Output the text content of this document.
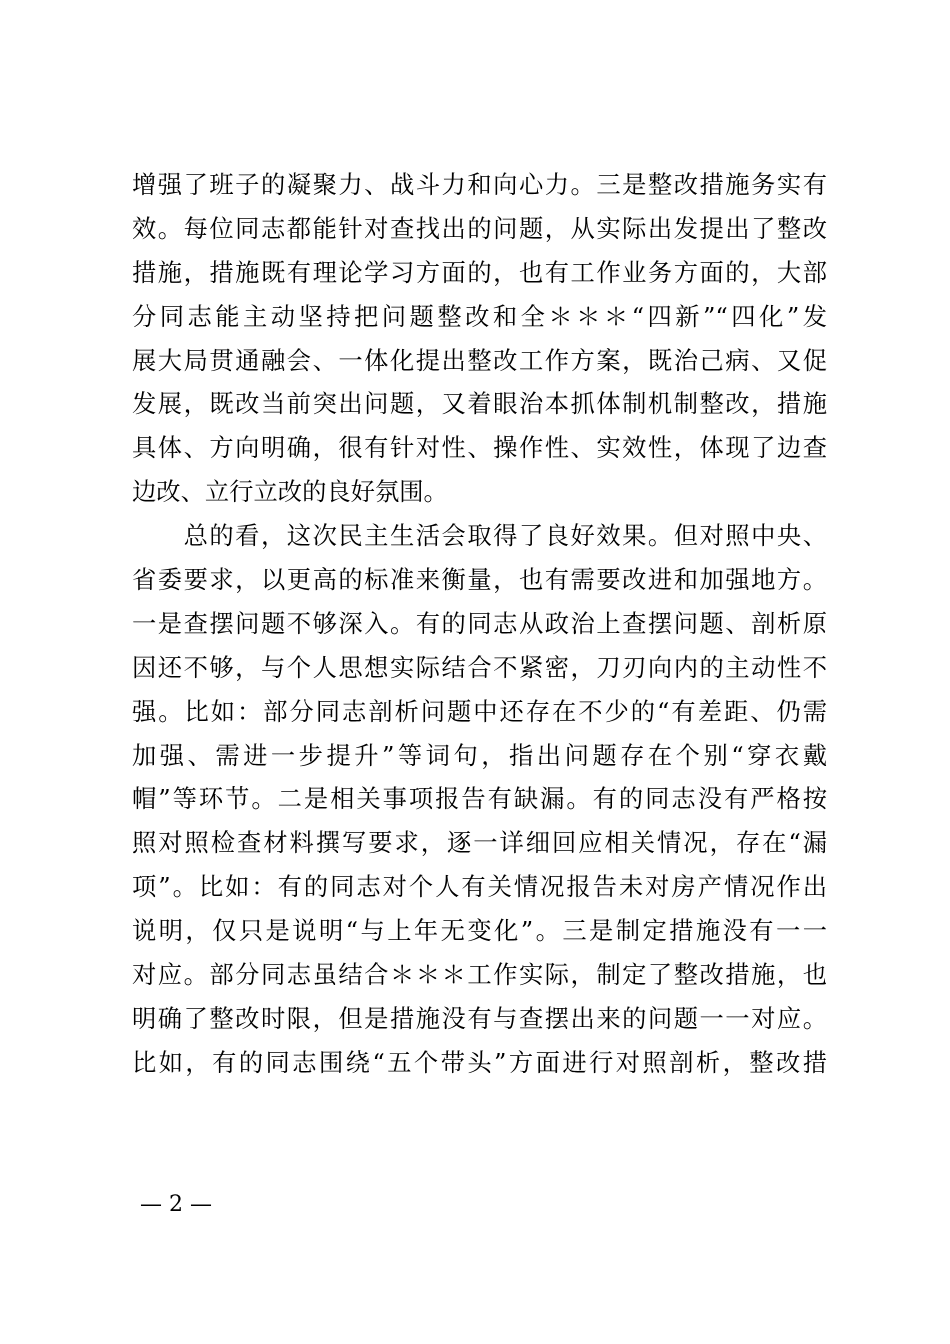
增强了班子的凝聚力、战斗力和向心力。三是整改措施务实有
效。每位同志都能针对查找出的问题，从实际出发提出了整改
措施，措施既有理论学习方面的，也有工作业务方面的，大部
分同志能主动坚持把问题整改和全＊＊＊“四新”“四化”发
展大局贯通融会、一体化提出整改工作方案，既治己病、又促
发展，既改当前突出问题，又着眼治本抓体制机制整改，措施
具体、方向明确，很有针对性、操作性、实效性，体现了边查
边改、立行立改的良好氛围。
　　总的看，这次民主生活会取得了良好效果。但对照中央、
省委要求，以更高的标准来衡量，也有需要改进和加强地方。
一是查摆问题不够深入。有的同志从政治上查摆问题、剖析原
因还不够，与个人思想实际结合不紧密，刀刃向内的主动性不
强。比如：部分同志剖析问题中还存在不少的“有差距、仍需
加强、需进一步提升”等词句，指出问题存在个别“穿衣戴
帽”等环节。二是相关事项报告有缺漏。有的同志没有严格按
照对照检查材料撰写要求，逐一详细回应相关情况，存在“漏
项”。比如：有的同志对个人有关情况报告未对房产情况作出
说明，仅只是说明“与上年无变化”。三是制定措施没有一一
对应。部分同志虽结合＊＊＊工作实际，制定了整改措施，也
明确了整改时限，但是措施没有与查摆出来的问题一一对应。
比如，有的同志围绕“五个带头”方面进行对照剖析，整改措
— 2 —
